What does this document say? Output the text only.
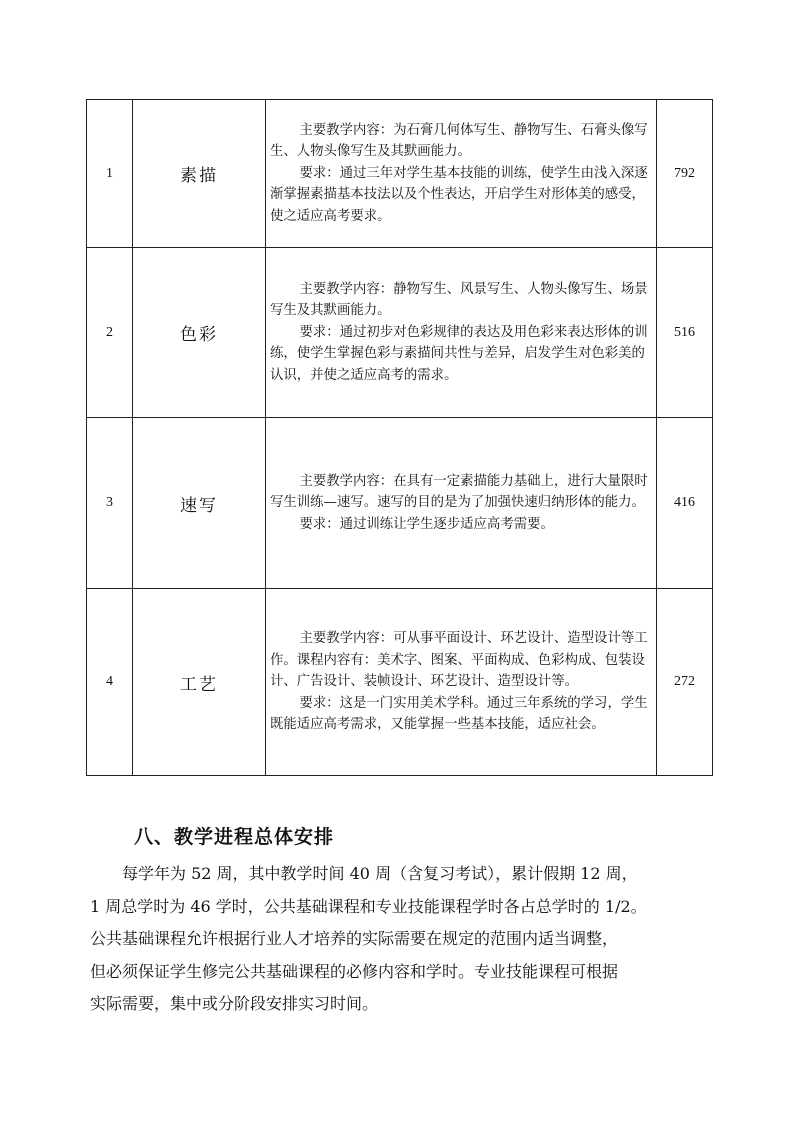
1	素描	主要教学内容：为石膏几何体写生、静物写生、石膏头像写生、人物头像写生及其默画能力。

要求：通过三年对学生基本技能的训练，使学生由浅入深逐渐掌握素描基本技法以及个性表达，开启学生对形体美的感受，使之适应高考要求。	792
2	色彩	主要教学内容：静物写生、风景写生、人物头像写生、场景写生及其默画能力。

要求：通过初步对色彩规律的表达及用色彩来表达形体的训练，使学生掌握色彩与素描间共性与差异，启发学生对色彩美的认识，并使之适应高考的需求。	516
3	速写	主要教学内容：在具有一定素描能力基础上，进行大量限时写生训练—速写。速写的目的是为了加强快速归纳形体的能力。

要求：通过训练让学生逐步适应高考需要。	416
4	工艺	主要教学内容：可从事平面设计、环艺设计、造型设计等工作。课程内容有：美术字、图案、平面构成、色彩构成、包装设计、广告设计、装帧设计、环艺设计、造型设计等。

要求：这是一门实用美术学科。通过三年系统的学习，学生既能适应高考需求，又能掌握一些基本技能，适应社会。	272
八、教学进程总体安排
每学年为 52 周，其中教学时间 40 周（含复习考试），累计假期 12 周，
1 周总学时为 46 学时，公共基础课程和专业技能课程学时各占总学时的 1/2。
公共基础课程允许根据行业人才培养的实际需要在规定的范围内适当调整，
但必须保证学生修完公共基础课程的必修内容和学时。专业技能课程可根据
实际需要，集中或分阶段安排实习时间。
